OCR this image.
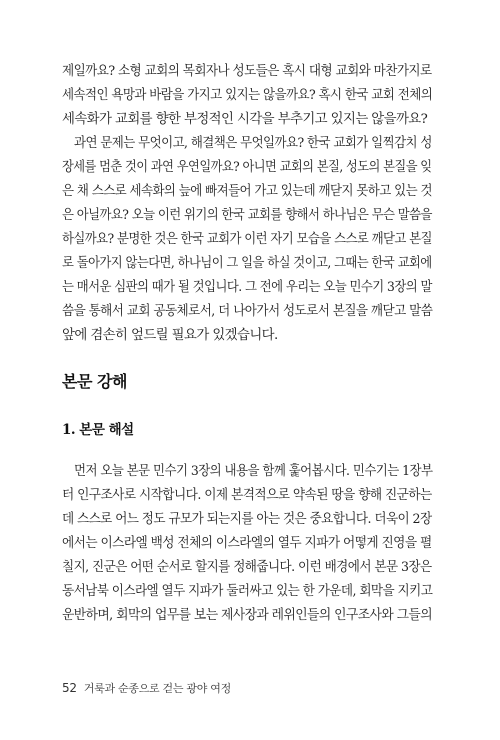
제일까요? 소형 교회의 목회자나 성도들은 혹시 대형 교회와 마찬가지로
세속적인 욕망과 바람을 가지고 있지는 않을까요? 혹시 한국 교회 전체의
세속화가 교회를 향한 부정적인 시각을 부추기고 있지는 않을까요?
과연 문제는 무엇이고, 해결책은 무엇일까요? 한국 교회가 일찍감치 성
장세를 멈춘 것이 과연 우연일까요? 아니면 교회의 본질, 성도의 본질을 잊
은 채 스스로 세속화의 늪에 빠져들어 가고 있는데 깨닫지 못하고 있는 것
은 아닐까요? 오늘 이런 위기의 한국 교회를 향해서 하나님은 무슨 말씀을
하실까요? 분명한 것은 한국 교회가 이런 자기 모습을 스스로 깨닫고 본질
로 돌아가지 않는다면, 하나님이 그 일을 하실 것이고, 그때는 한국 교회에
는 매서운 심판의 때가 될 것입니다. 그 전에 우리는 오늘 민수기 3장의 말
씀을 통해서 교회 공동체로서, 더 나아가서 성도로서 본질을 깨닫고 말씀
앞에 겸손히 엎드릴 필요가 있겠습니다.
본문 강해
1. 본문 해설
먼저 오늘 본문 민수기 3장의 내용을 함께 훑어봅시다. 민수기는 1장부
터 인구조사로 시작합니다. 이제 본격적으로 약속된 땅을 향해 진군하는
데 스스로 어느 정도 규모가 되는지를 아는 것은 중요합니다. 더욱이 2장
에서는 이스라엘 백성 전체의 이스라엘의 열두 지파가 어떻게 진영을 펼
칠지, 진군은 어떤 순서로 할지를 정해줍니다. 이런 배경에서 본문 3장은
동서남북 이스라엘 열두 지파가 둘러싸고 있는 한 가운데, 회막을 지키고
운반하며, 회막의 업무를 보는 제사장과 레위인들의 인구조사와 그들의
52 거룩과 순종으로 걷는 광야 여정
